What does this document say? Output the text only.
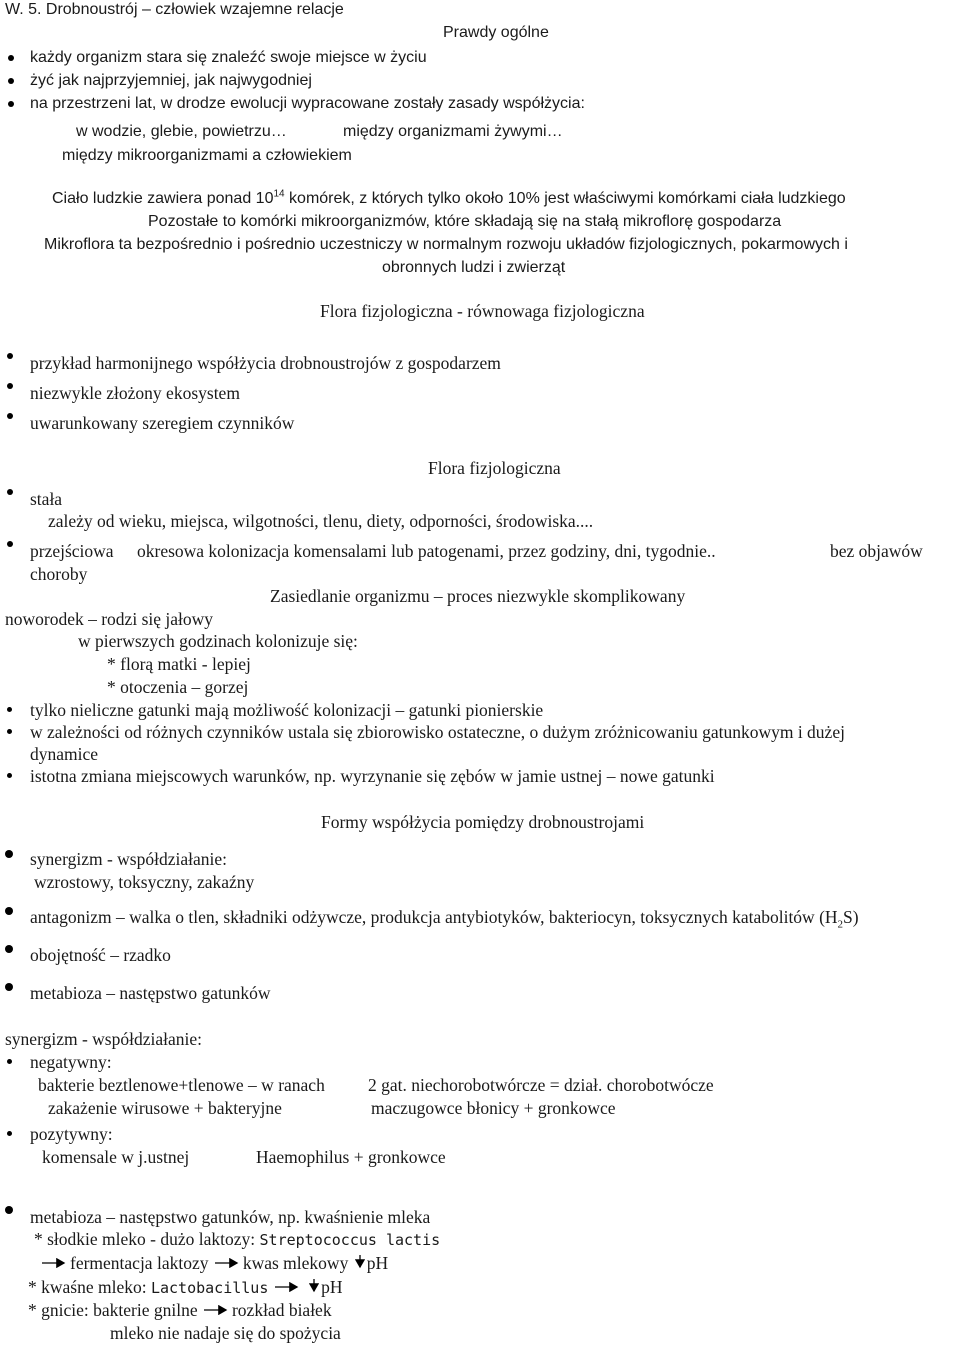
W. 5. Drobnoustrój – człowiek wzajemne relacje
Prawdy ogólne
każdy organizm stara się znaleźć swoje miejsce w życiu
żyć jak najprzyjemniej, jak najwygodniej
na przestrzeni lat, w drodze ewolucji wypracowane zostały zasady współżycia:
w wodzie, glebie, powietrzu…	między organizmami żywymi…
między mikroorganizmami a człowiekiem
Ciało ludzkie zawiera ponad $10^{14}$ komórek, z których tylko około 10% jest właściwymi komórkami ciała ludzkiego
Pozostałe to komórki mikroorganizmów, które składają się na stałą mikroflorę gospodarza
Mikroflora ta bezpośrednio i pośrednio uczestniczy w normalnym rozwoju układów fizjologicznych, pokarmowych i
obronnych ludzi i zwierząt
Flora fizjologiczna - równowaga fizjologiczna
przykład harmonijnego współżycia drobnoustrojów z gospodarzem
niezwykle złożony ekosystem
uwarunkowany szeregiem czynników
Flora fizjologiczna
stała
zależy od wieku, miejsca, wilgotności, tlenu, diety, odporności, środowiska....
przejściowa okresowa kolonizacja komensalami lub patogenami, przez godziny, dni, tygodnie..	bez objawów
choroby
Zasiedlanie organizmu – proces niezwykle skomplikowany
noworodek – rodzi się jałowy
w pierwszych godzinach kolonizuje się:
* florą matki - lepiej
* otoczenia – gorzej
tylko nieliczne gatunki mają możliwość kolonizacji – gatunki pionierskie
w zależności od różnych czynników ustala się zbiorowisko ostateczne, o dużym zróżnicowaniu gatunkowym i dużej
dynamice
istotna zmiana miejscowych warunków, np. wyrzynanie się zębów w jamie ustnej – nowe gatunki
Formy współżycia pomiędzy drobnoustrojami
synergizm - współdziałanie:
wzrostowy, toksyczny, zakaźny
antagonizm – walka o tlen, składniki odżywcze, produkcja antybiotyków, bakteriocyn, toksycznych katabolitów $(H_2S)$
obojętność – rzadko
metabioza – następstwo gatunków
synergizm - współdziałanie:
negatywny:
bakterie beztlenowe+tlenowe – w ranach 2 gat. niechorobotwórcze = dział. chorobotwócze
zakażenie wirusowe + bakteryjne	maczugowce błonicy + gronkowce
pozytywny:
komensale w j.ustnej	Haemophilus + gronkowce
metabioza – następstwo gatunków, np. kwaśnienie mleka
* słodkie mleko - dużo laktozy: Streptococcus lactis
fermentacja laktozy kwas mlekowy pH
* kwaśne mleko: Lactobacillus	pH
* gnicie: bakterie gnilne rozkład białek
mleko nie nadaje się do spożycia
